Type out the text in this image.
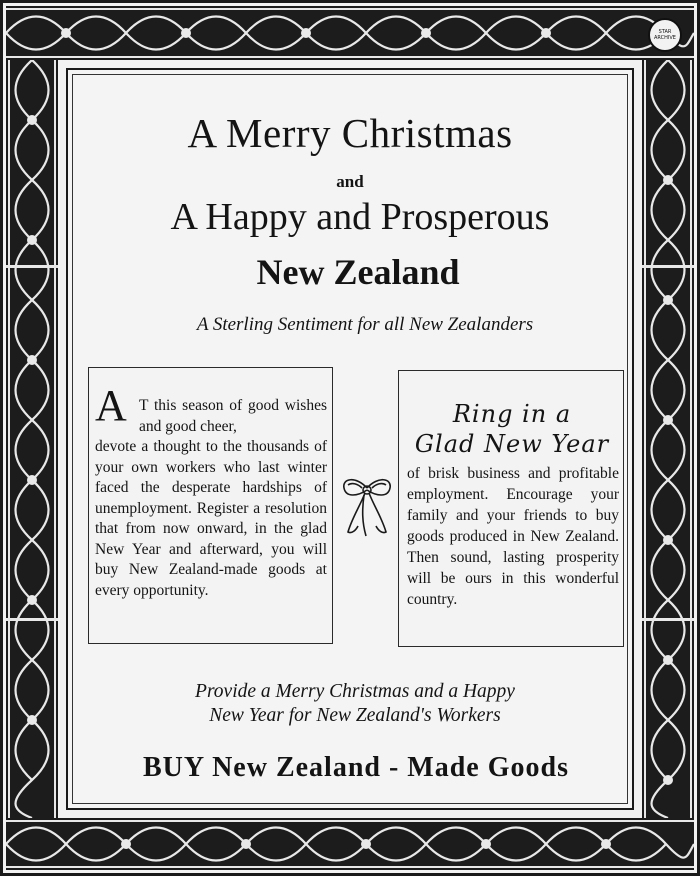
STAR ARCHIVE
A Merry Christmas
and
A Happy and Prosperous
New Zealand
A Sterling Sentiment for all New Zealanders
A T this season of good wishes and good cheer,
devote a thought to the thousands of your own workers who last winter faced the desperate hardships of unemployment. Register a resolution that from now onward, in the glad New Year and afterward, you will buy New Zealand-made goods at every opportunity.
Ring in a
Glad New Year
of brisk business and profitable employment. Encourage your family and your friends to buy goods produced in New Zealand. Then sound, lasting prosperity will be ours in this wonderful country.
Provide a Merry Christmas and a Happy
New Year for New Zealand's Workers
BUY New Zealand - Made Goods
